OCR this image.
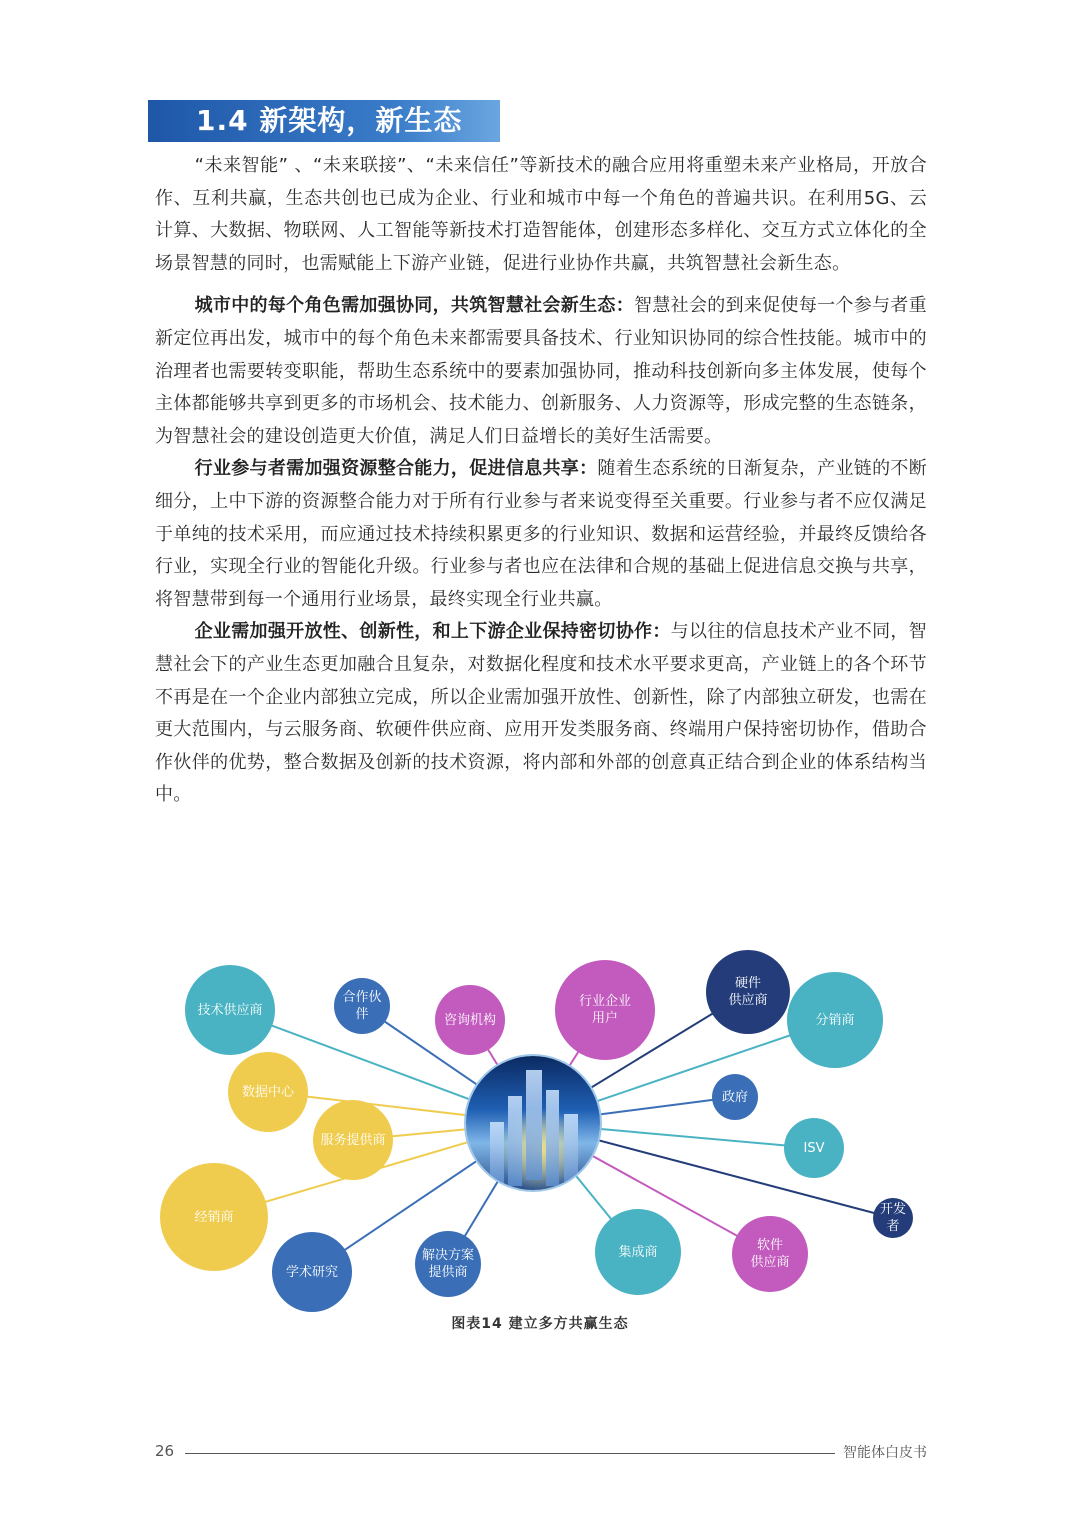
1.4 新架构，新生态

“未来智能” 、“未来联接”、“未来信任”等新技术的融合应用将重塑未来产业格局，开放合作、互利共赢，生态共创也已成为企业、行业和城市中每一个角色的普遍共识。在利用5G、云计算、大数据、物联网、人工智能等新技术打造智能体，创建形态多样化、交互方式立体化的全场景智慧的同时，也需赋能上下游产业链，促进行业协作共赢，共筑智慧社会新生态。

城市中的每个角色需加强协同，共筑智慧社会新生态：智慧社会的到来促使每一个参与者重新定位再出发，城市中的每个角色未来都需要具备技术、行业知识协同的综合性技能。城市中的治理者也需要转变职能，帮助生态系统中的要素加强协同，推动科技创新向多主体发展，使每个主体都能够共享到更多的市场机会、技术能力、创新服务、人力资源等，形成完整的生态链条，为智慧社会的建设创造更大价值，满足人们日益增长的美好生活需要。

行业参与者需加强资源整合能力，促进信息共享：随着生态系统的日渐复杂，产业链的不断细分，上中下游的资源整合能力对于所有行业参与者来说变得至关重要。行业参与者不应仅满足于单纯的技术采用，而应通过技术持续积累更多的行业知识、数据和运营经验，并最终反馈给各行业，实现全行业的智能化升级。行业参与者也应在法律和合规的基础上促进信息交换与共享，将智慧带到每一个通用行业场景，最终实现全行业共赢。

企业需加强开放性、创新性，和上下游企业保持密切协作：与以往的信息技术产业不同，智慧社会下的产业生态更加融合且复杂，对数据化程度和技术水平要求更高，产业链上的各个环节不再是在一个企业内部独立完成，所以企业需加强开放性、创新性，除了内部独立研发，也需在更大范围内，与云服务商、软硬件供应商、应用开发类服务商、终端用户保持密切协作，借助合作伙伴的优势，整合数据及创新的技术资源，将内部和外部的创意真正结合到企业的体系结构当中。

技术供应商
合作伙伴	咨询机构
行业企业
用户
硬件
供应商
分销商
政府
ISV
开发者
软件
供应商
集成商
解决方案
提供商
学术研究
经销商
服务提供商
数据中心
图表14 建立多方共赢生态
26	智能体白皮书
